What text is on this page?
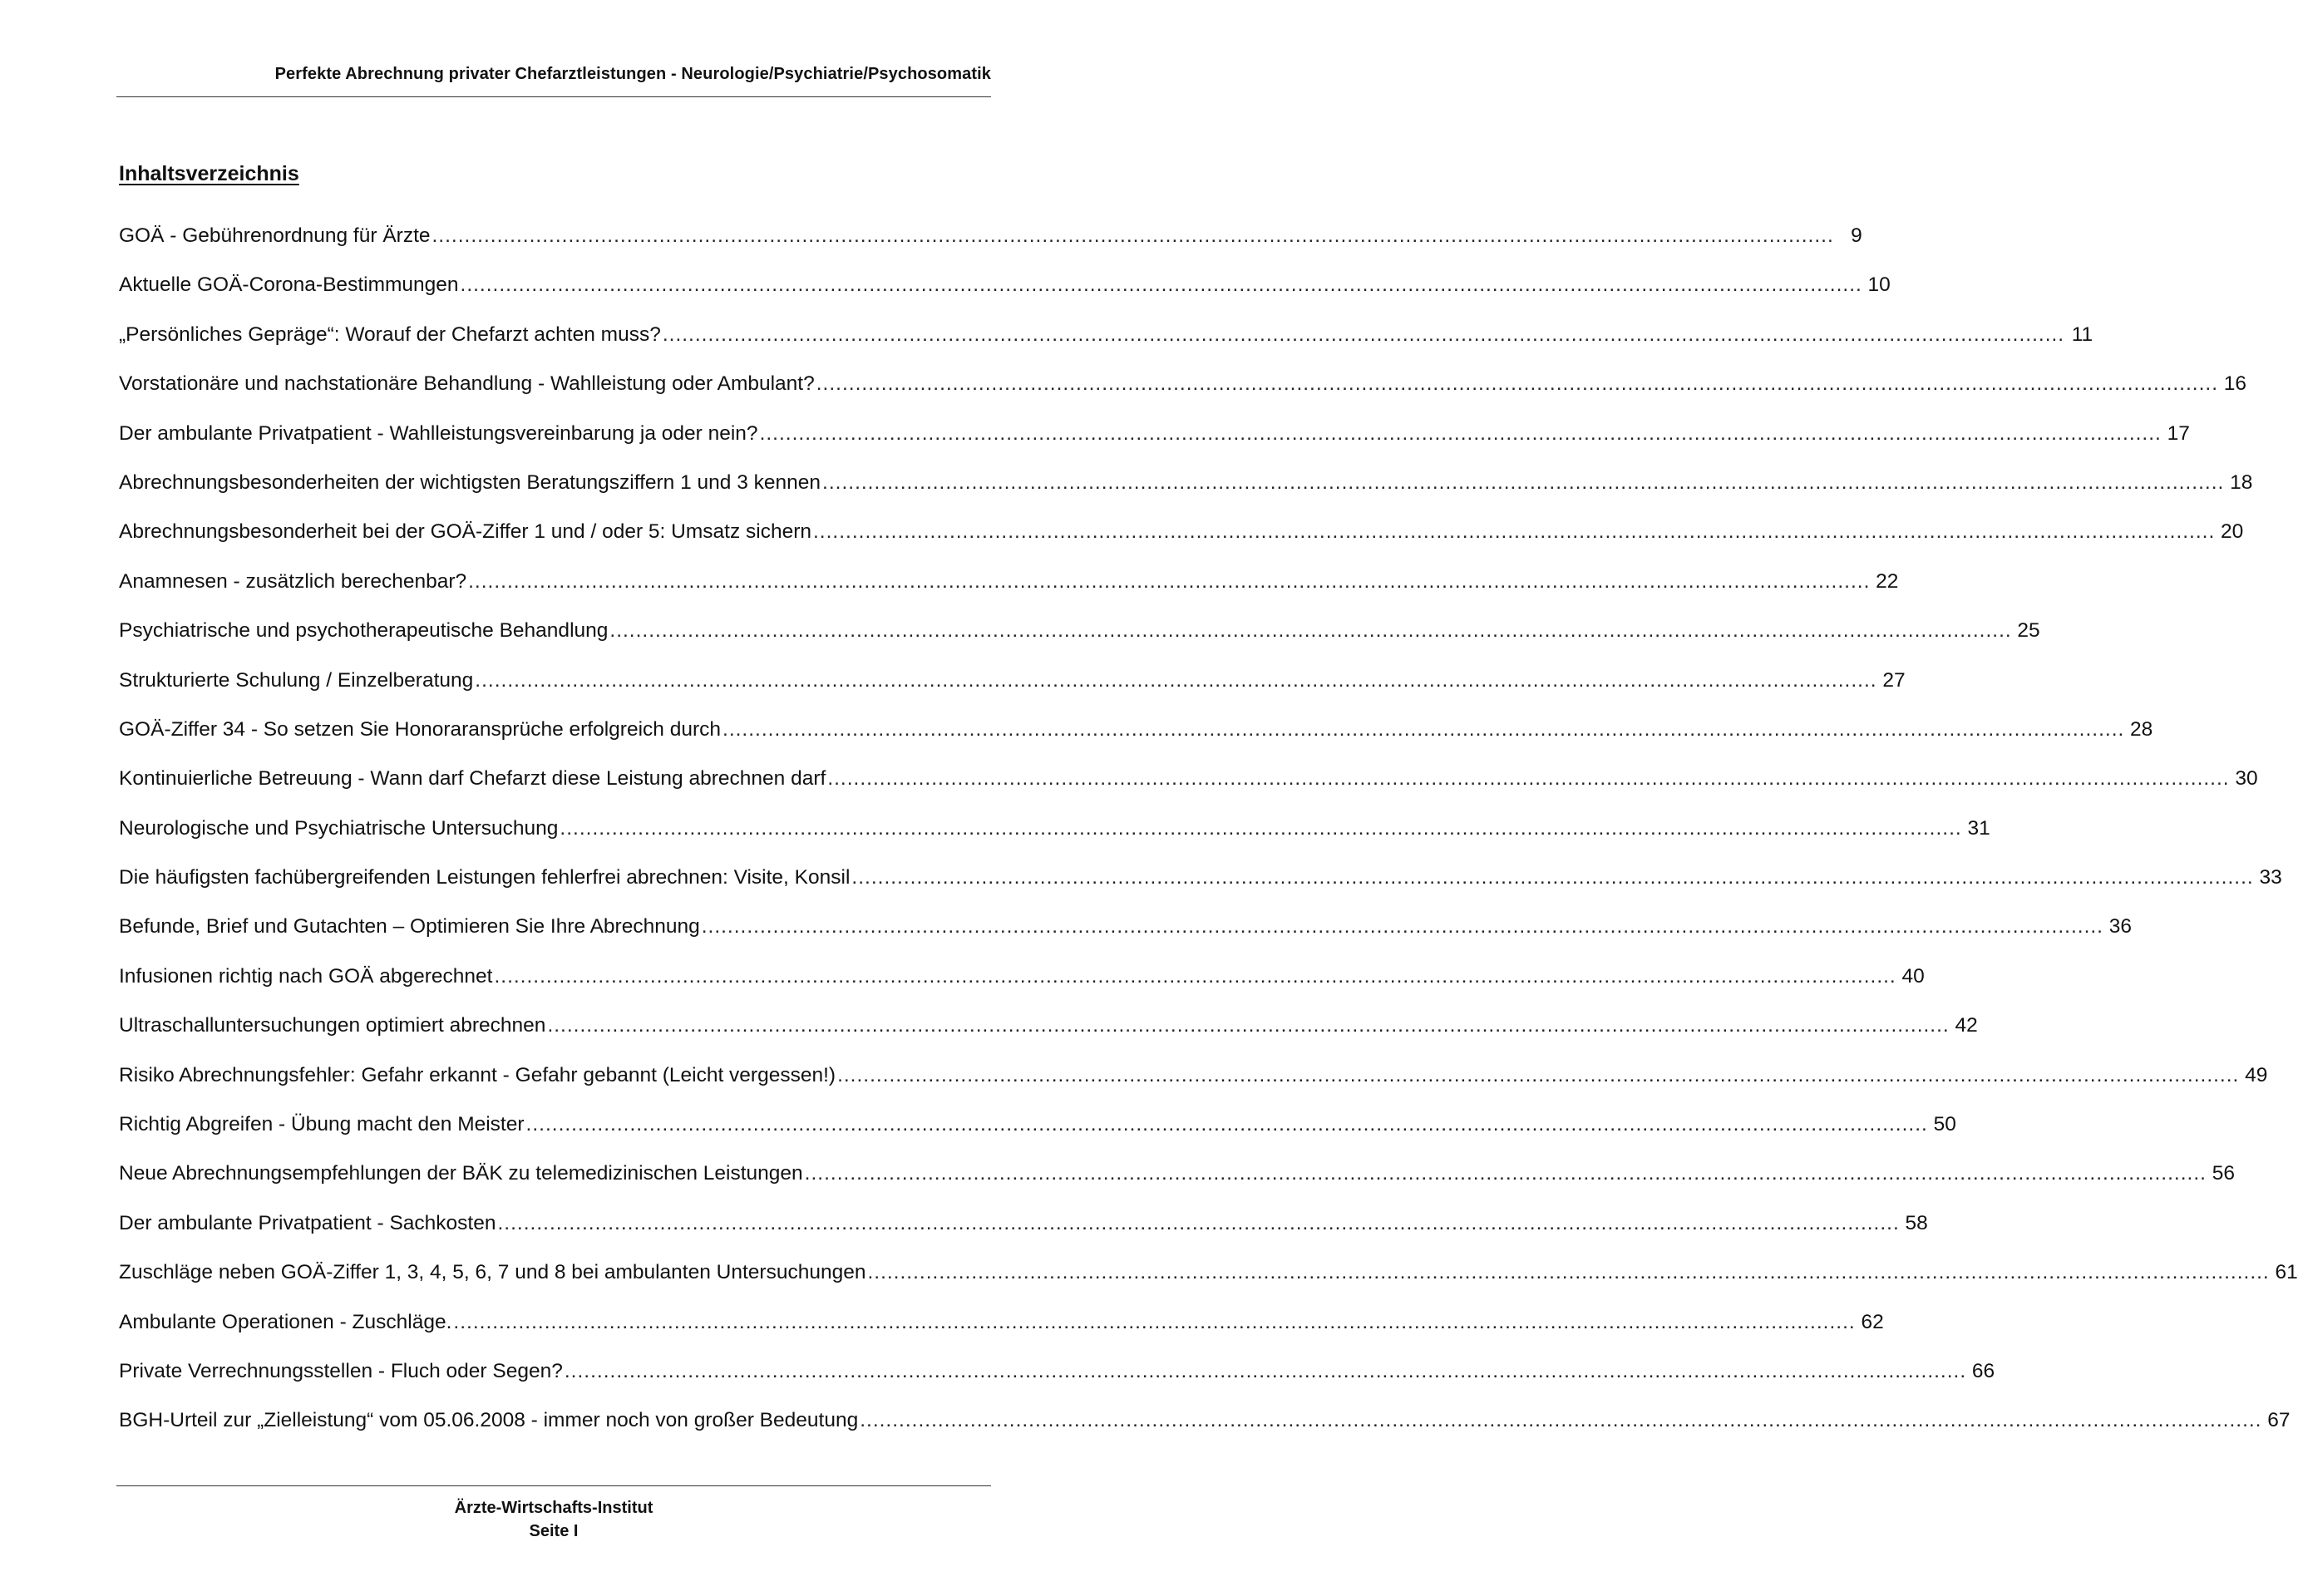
Perfekte Abrechnung privater Chefarztleistungen - Neurologie/Psychiatrie/Psychosomatik
Inhaltsverzeichnis
GOÄ - Gebührenordnung für Ärzte .....	9
Aktuelle GOÄ-Corona-Bestimmungen .....	10
„Persönliches Gepräge“: Worauf der Chefarzt achten muss? .....	11
Vorstationäre und nachstationäre Behandlung - Wahlleistung oder Ambulant? .....	16
Der ambulante Privatpatient - Wahlleistungsvereinbarung ja oder nein? .....	17
Abrechnungsbesonderheiten der wichtigsten Beratungsziffern 1 und 3 kennen .....	18
Abrechnungsbesonderheit bei der GOÄ-Ziffer 1 und / oder 5: Umsatz sichern .....	20
Anamnesen - zusätzlich berechenbar? .....	22
Psychiatrische und psychotherapeutische Behandlung .....	25
Strukturierte Schulung / Einzelberatung .....	27
GOÄ-Ziffer 34 - So setzen Sie Honoraransprüche erfolgreich durch .....	28
Kontinuierliche Betreuung - Wann darf Chefarzt diese Leistung abrechnen darf .....	30
Neurologische und Psychiatrische Untersuchung .....	31
Die häufigsten fachübergreifenden Leistungen fehlerfrei abrechnen: Visite, Konsil .....	33
Befunde, Brief und Gutachten – Optimieren Sie Ihre Abrechnung .....	36
Infusionen richtig nach GOÄ abgerechnet .....	40
Ultraschalluntersuchungen optimiert abrechnen .....	42
Risiko Abrechnungsfehler: Gefahr erkannt - Gefahr gebannt (Leicht vergessen!) .....	49
Richtig Abgreifen - Übung macht den Meister .....	50
Neue Abrechnungsempfehlungen der BÄK zu telemedizinischen Leistungen .....	56
Der ambulante Privatpatient - Sachkosten .....	58
Zuschläge neben GOÄ-Ziffer 1, 3, 4, 5, 6, 7 und 8 bei ambulanten Untersuchungen .....	61
Ambulante Operationen - Zuschläge. .....	62
Private Verrechnungsstellen - Fluch oder Segen? .....	66
BGH-Urteil zur „Zielleistung“ vom 05.06.2008 - immer noch von großer Bedeutung .....	67
Ärzte-Wirtschafts-Institut
Seite I
